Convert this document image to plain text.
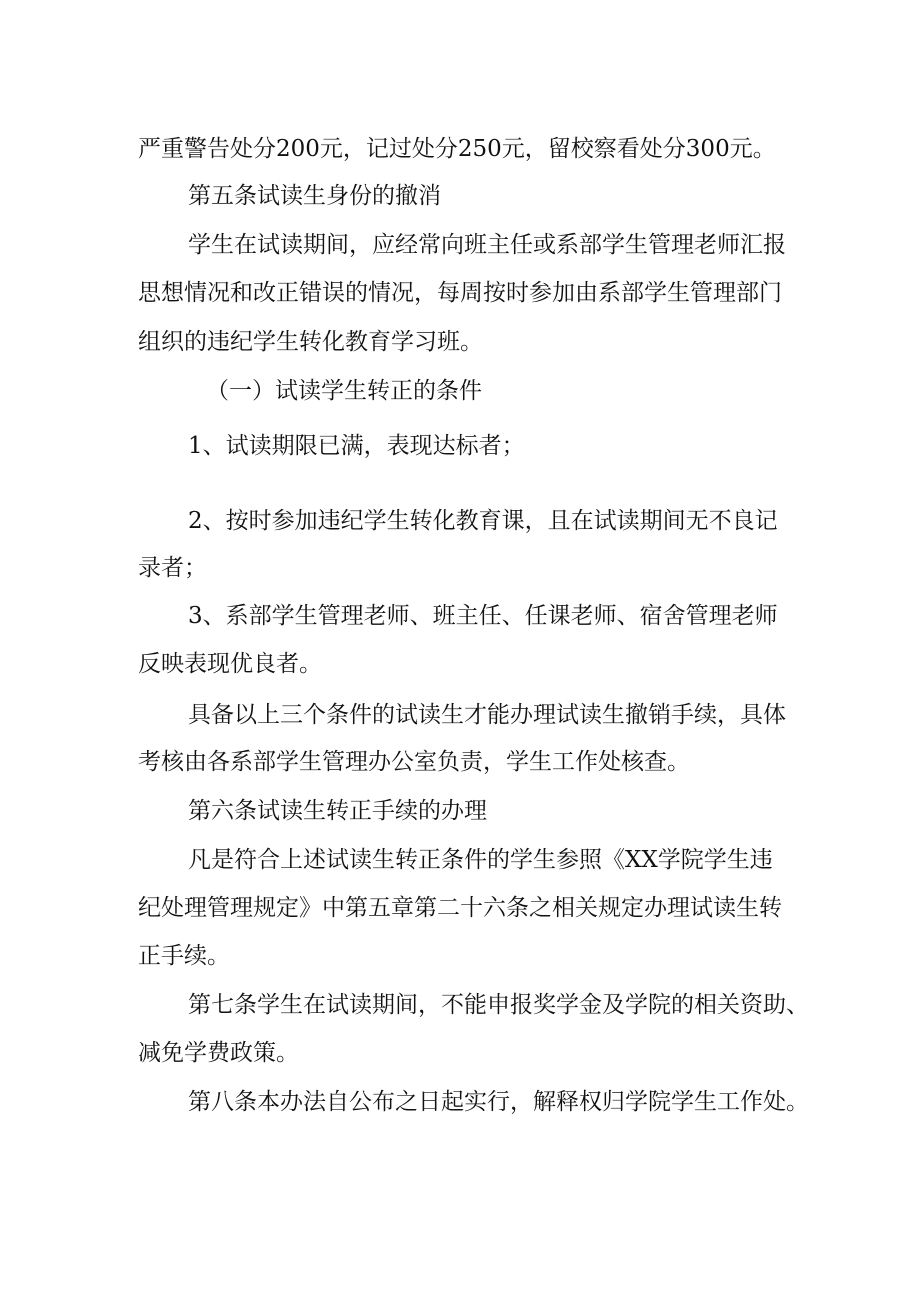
严重警告处分200元，记过处分250元，留校察看处分300元。

第五条试读生身份的撤消

学生在试读期间，应经常向班主任或系部学生管理老师汇报

思想情况和改正错误的情况，每周按时参加由系部学生管理部门

组织的违纪学生转化教育学习班。

（一）试读学生转正的条件

1、试读期限已满，表现达标者；

2、按时参加违纪学生转化教育课，且在试读期间无不良记

录者；

3、系部学生管理老师、班主任、任课老师、宿舍管理老师

反映表现优良者。

具备以上三个条件的试读生才能办理试读生撤销手续，具体

考核由各系部学生管理办公室负责，学生工作处核查。

第六条试读生转正手续的办理

凡是符合上述试读生转正条件的学生参照《XX学院学生违

纪处理管理规定》中第五章第二十六条之相关规定办理试读生转

正手续。

第七条学生在试读期间，不能申报奖学金及学院的相关资助、

减免学费政策。

第八条本办法自公布之日起实行，解释权归学院学生工作处。
